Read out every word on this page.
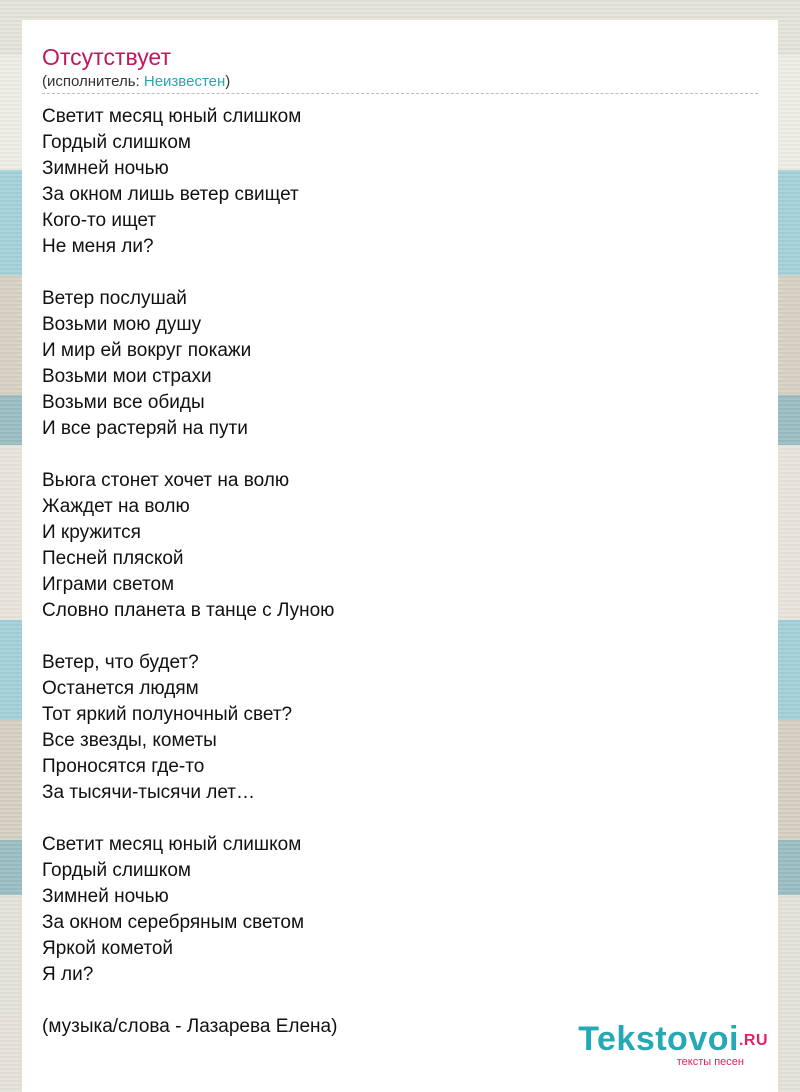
Отсутствует
(исполнитель: Неизвестен)
Светит месяц юный слишком
Гордый слишком
Зимней ночью
За окном лишь ветер свищет
Кого-то ищет
Не меня ли?
Ветер послушай
Возьми мою душу
И мир ей вокруг покажи
Возьми мои страхи
Возьми все обиды
И все растеряй на пути
Вьюга стонет хочет на волю
Жаждет на волю
И кружится
Песней пляской
Играми светом
Словно планета в танце с Луною
Ветер, что будет?
Останется людям
Тот яркий полуночный свет?
Все звезды, кометы
Проносятся где-то
За тысячи-тысячи лет…
Светит месяц юный слишком
Гордый слишком
Зимней ночью
За окном серебряным светом
Яркой кометой
Я ли?
(музыка/слова - Лазарева Елена)	Tekstovoi.RU
тексты песен
